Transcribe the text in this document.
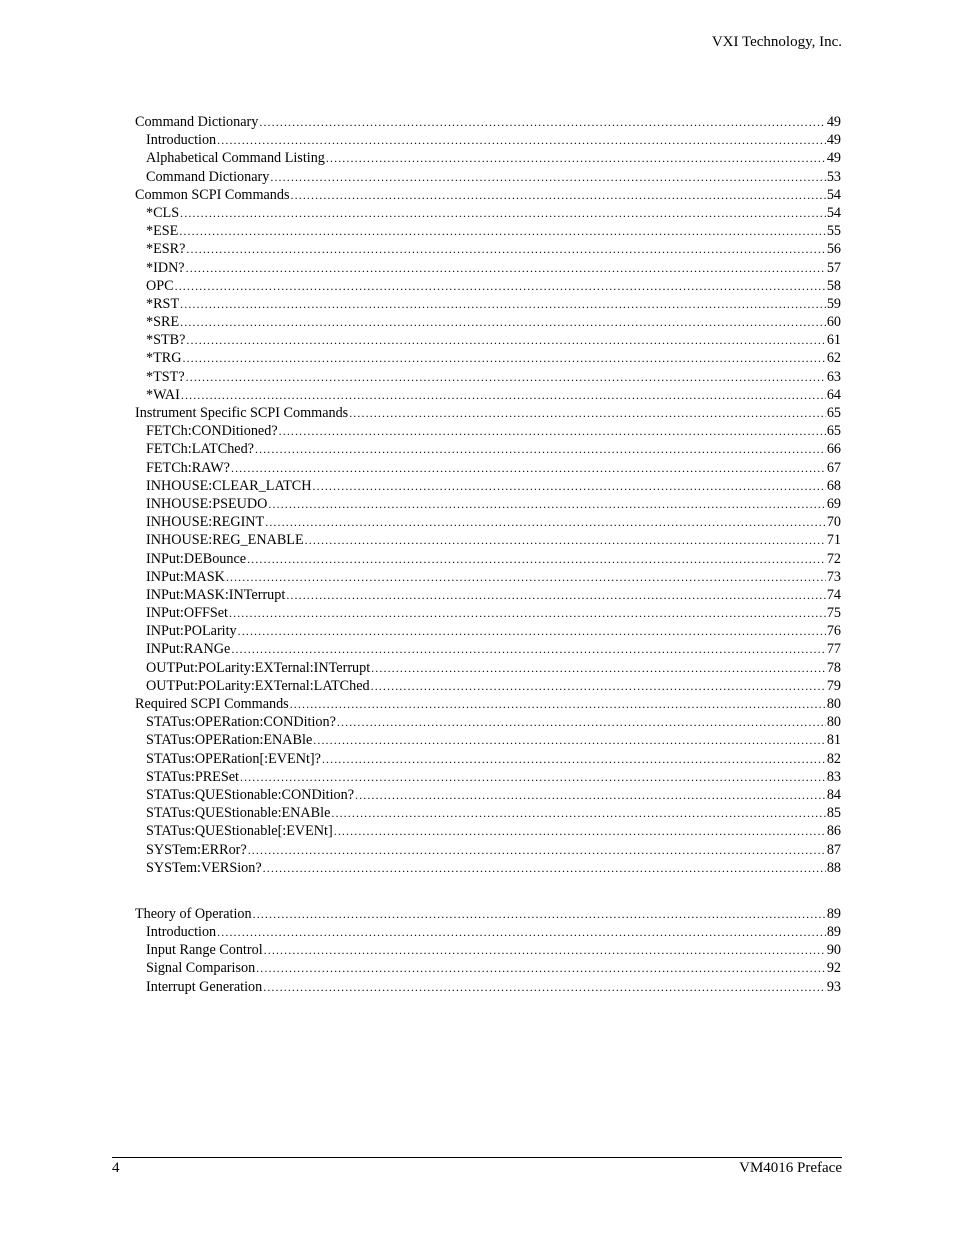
VXI Technology, Inc.
Command Dictionary .....	49
Introduction .....	49
Alphabetical Command Listing .....	49
Command Dictionary .....	53
Common SCPI Commands .....	54
*CLS .....	54
*ESE .....	55
*ESR? .....	56
*IDN? .....	57
OPC .....	58
*RST .....	59
*SRE .....	60
*STB? .....	61
*TRG .....	62
*TST? .....	63
*WAI .....	64
Instrument Specific SCPI Commands .....	65
FETCh:CONDitioned? .....	65
FETCh:LATChed? .....	66
FETCh:RAW? .....	67
INHOUSE:CLEAR_LATCH .....	68
INHOUSE:PSEUDO .....	69
INHOUSE:REGINT .....	70
INHOUSE:REG_ENABLE .....	71
INPut:DEBounce .....	72
INPut:MASK .....	73
INPut:MASK:INTerrupt .....	74
INPut:OFFSet .....	75
INPut:POLarity .....	76
INPut:RANGe .....	77
OUTPut:POLarity:EXTernal:INTerrupt .....	78
OUTPut:POLarity:EXTernal:LATChed .....	79
Required SCPI Commands .....	80
STATus:OPERation:CONDition? .....	80
STATus:OPERation:ENABle .....	81
STATus:OPERation[:EVENt]? .....	82
STATus:PRESet .....	83
STATus:QUEStionable:CONDition? .....	84
STATus:QUEStionable:ENABle .....	85
STATus:QUEStionable[:EVENt] .....	86
SYSTem:ERRor? .....	87
SYSTem:VERSion? .....	88
Theory of Operation .....	89
Introduction .....	89
Input Range Control .....	90
Signal Comparison .....	92
Interrupt Generation .....	93
4	VM4016 Preface
